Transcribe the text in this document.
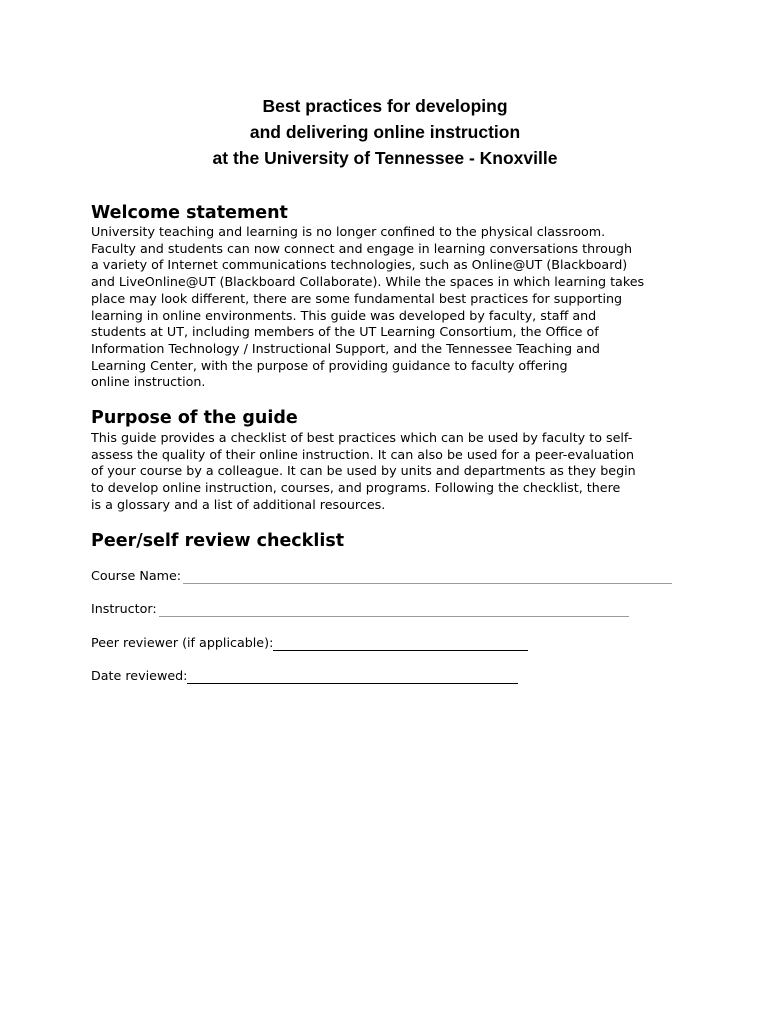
Best practices for developing
and delivering online instruction
at the University of Tennessee - Knoxville
Welcome statement
University teaching and learning is no longer confined to the physical classroom.
Faculty and students can now connect and engage in learning conversations through
a variety of Internet communications technologies, such as Online@UT (Blackboard)
and LiveOnline@UT (Blackboard Collaborate). While the spaces in which learning takes
place may look different, there are some fundamental best practices for supporting
learning in online environments. This guide was developed by faculty, staff and
students at UT, including members of the UT Learning Consortium, the Office of
Information Technology / Instructional Support, and the Tennessee Teaching and
Learning Center, with the purpose of providing guidance to faculty offering
online instruction.
Purpose of the guide
This guide provides a checklist of best practices which can be used by faculty to self-
assess the quality of their online instruction. It can also be used for a peer-evaluation
of your course by a colleague. It can be used by units and departments as they begin
to develop online instruction, courses, and programs. Following the checklist, there
is a glossary and a list of additional resources.
Peer/self review checklist
Course Name:
Instructor:
Peer reviewer (if applicable):
Date reviewed:
